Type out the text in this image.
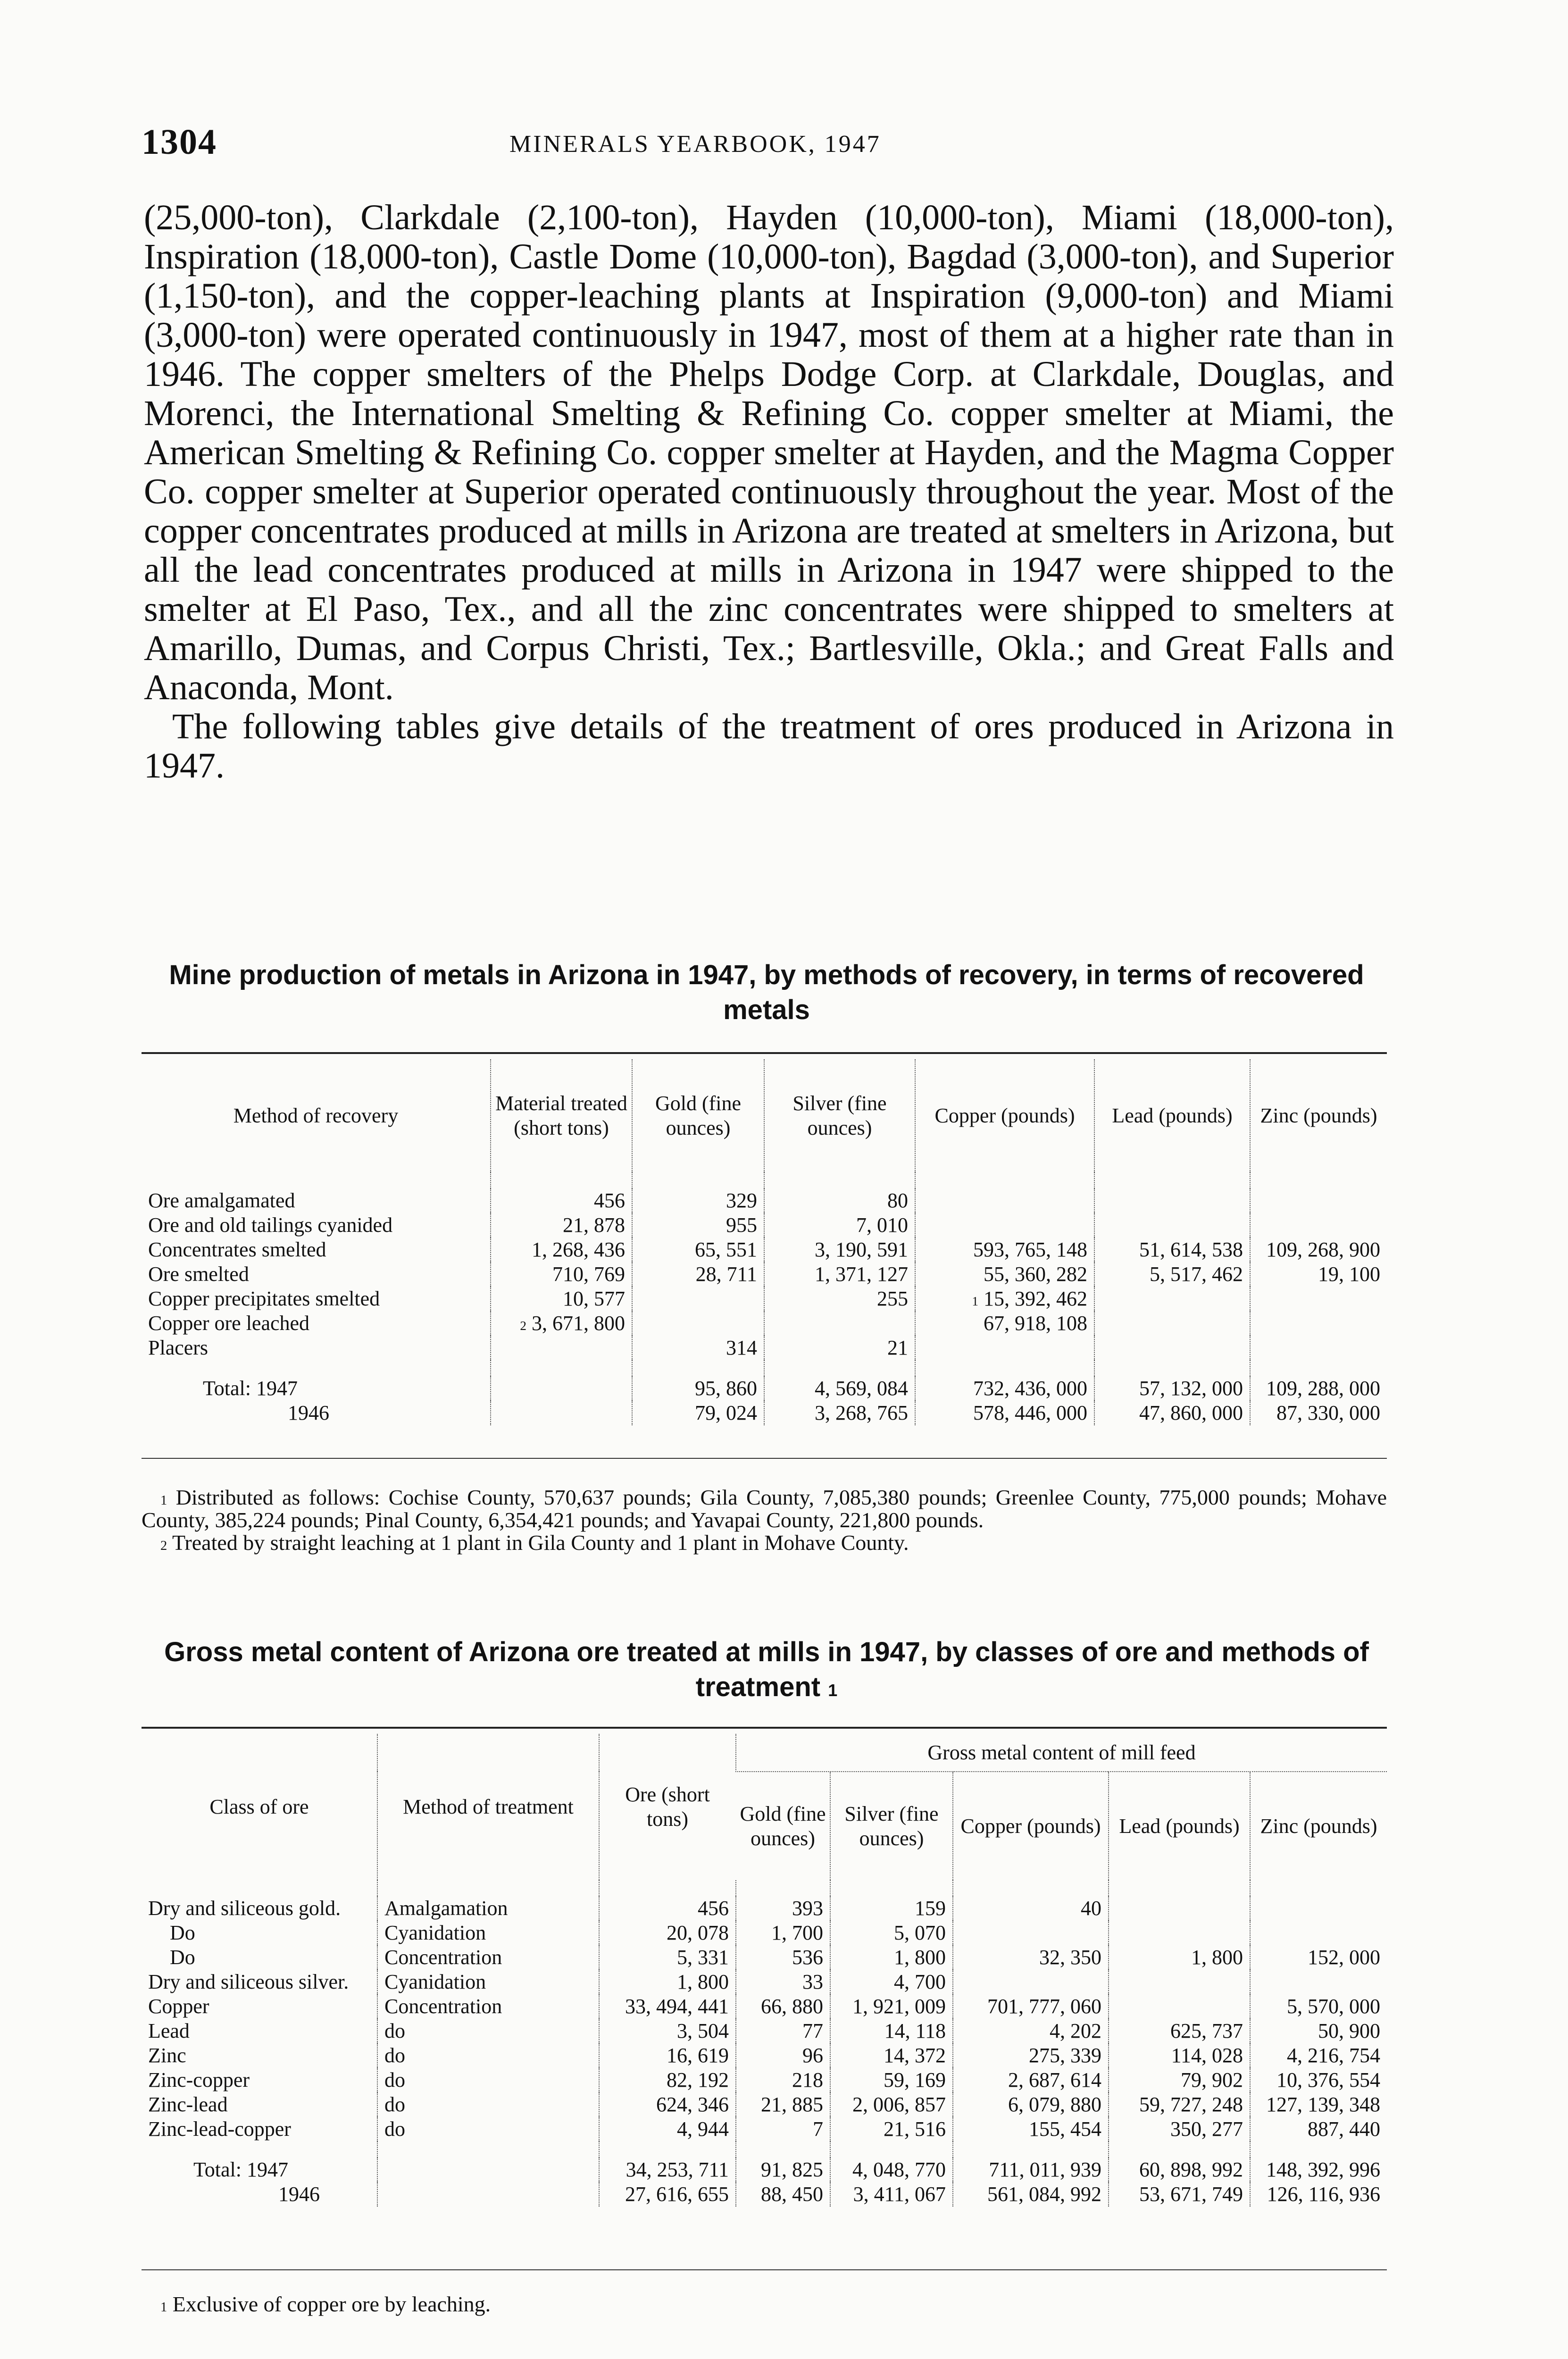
1304	MINERALS YEARBOOK, 1947

(25,000-ton), Clarkdale (2,100-ton), Hayden (10,000-ton), Miami (18,000-ton), Inspiration (18,000-ton), Castle Dome (10,000-ton), Bagdad (3,000-ton), and Superior (1,150-ton), and the copper-leaching plants at Inspiration (9,000-ton) and Miami (3,000-ton) were operated continuously in 1947, most of them at a higher rate than in 1946. The copper smelters of the Phelps Dodge Corp. at Clarkdale, Douglas, and Morenci, the International Smelting & Refining Co. copper smelter at Miami, the American Smelting & Refining Co. copper smelter at Hayden, and the Magma Copper Co. copper smelter at Superior operated continuously throughout the year. Most of the copper concentrates produced at mills in Arizona are treated at smelters in Arizona, but all the lead concentrates produced at mills in Arizona in 1947 were shipped to the smelter at El Paso, Tex., and all the zinc concentrates were shipped to smelters at Amarillo, Dumas, and Corpus Christi, Tex.; Bartlesville, Okla.; and Great Falls and Anaconda, Mont.

The following tables give details of the treatment of ores produced in Arizona in 1947.

Mine production of metals in Arizona in 1947, by methods of recovery, in terms of recovered metals
Method of recovery	Material treated (short tons)	Gold (fine ounces)	Silver (fine ounces)	Copper (pounds)	Lead (pounds)	Zinc (pounds)

Ore amalgamated	456	329	80			
Ore and old tailings cyanided	21, 878	955	7, 010			
Concentrates smelted	1, 268, 436	65, 551	3, 190, 591	593, 765, 148	51, 614, 538	109, 268, 900
Ore smelted	710, 769	28, 711	1, 371, 127	55, 360, 282	5, 517, 462	19, 100
Copper precipitates smelted	10, 577		255	$^1$ 15, 392, 462		
Copper ore leached	$^2$ 3, 671, 800			67, 918, 108		
Placers		314	21			

Total: 1947		95, 860	4, 569, 084	732, 436, 000	57, 132, 000	109, 288, 000
1946		79, 024	3, 268, 765	578, 446, 000	47, 860, 000	87, 330, 000

$^1$ Distributed as follows: Cochise County, 570,637 pounds; Gila County, 7,085,380 pounds; Greenlee County, 775,000 pounds; Mohave County, 385,224 pounds; Pinal County, 6,354,421 pounds; and Yavapai County, 221,800 pounds.

$^2$ Treated by straight leaching at 1 plant in Gila County and 1 plant in Mohave County.

Gross metal content of Arizona ore treated at mills in 1947, by classes of ore and methods of treatment $^1$
Class of ore	Method of treatment	Ore (short tons)	Gross metal content of mill feed				
			Gold (fine ounces)	Silver (fine ounces)	Copper (pounds)	Lead (pounds)	Zinc (pounds)

Dry and siliceous gold.	Amalgamation	456	393	159	40		
Do	Cyanidation	20, 078	1, 700	5, 070			
Do	Concentration	5, 331	536	1, 800	32, 350	1, 800	152, 000
Dry and siliceous silver.	Cyanidation	1, 800	33	4, 700			
Copper	Concentration	33, 494, 441	66, 880	1, 921, 009	701, 777, 060		5, 570, 000
Lead	do	3, 504	77	14, 118	4, 202	625, 737	50, 900
Zinc	do	16, 619	96	14, 372	275, 339	114, 028	4, 216, 754
Zinc-copper	do	82, 192	218	59, 169	2, 687, 614	79, 902	10, 376, 554
Zinc-lead	do	624, 346	21, 885	2, 006, 857	6, 079, 880	59, 727, 248	127, 139, 348
Zinc-lead-copper	do	4, 944	7	21, 516	155, 454	350, 277	887, 440

Total: 1947		34, 253, 711	91, 825	4, 048, 770	711, 011, 939	60, 898, 992	148, 392, 996
1946		27, 616, 655	88, 450	3, 411, 067	561, 084, 992	53, 671, 749	126, 116, 936

$^1$ Exclusive of copper ore by leaching.
